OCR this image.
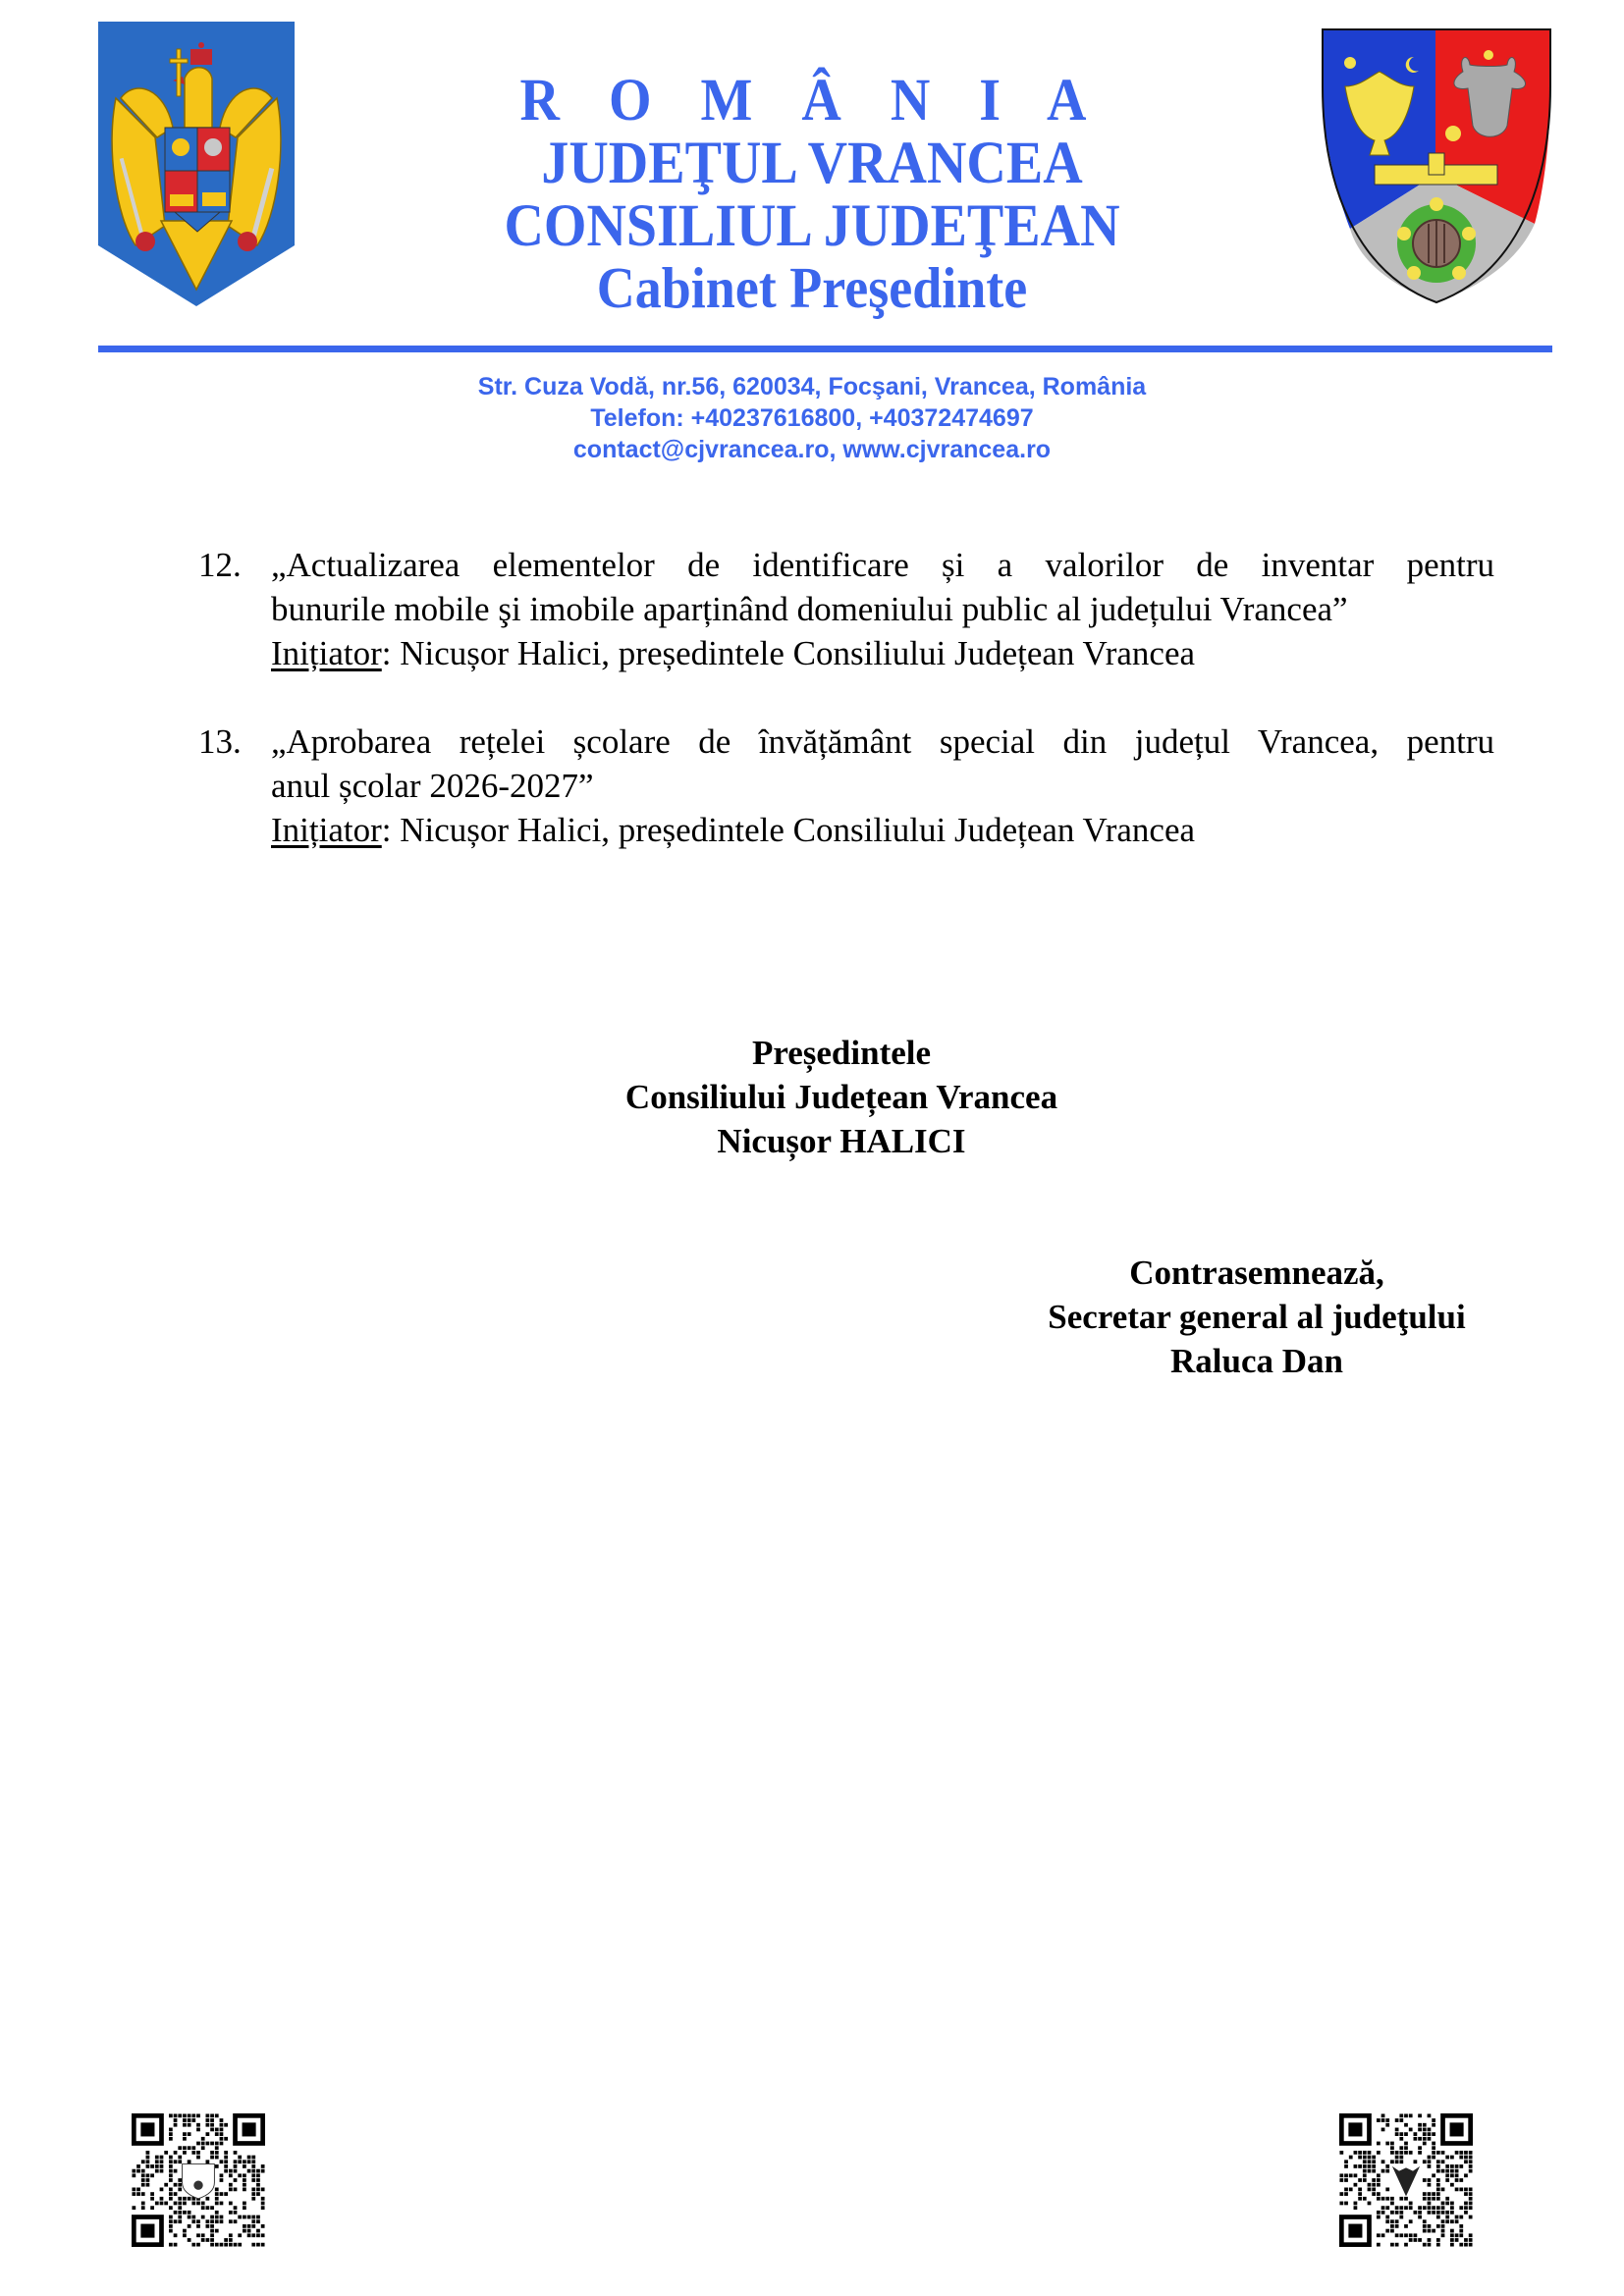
R O M Â N I A
JUDEŢUL VRANCEA
CONSILIUL JUDEŢEAN
Cabinet Preşedinte
Str. Cuza Vodă, nr.56, 620034, Focşani, Vrancea, România
Telefon: +40237616800, +40372474697
contact@cjvrancea.ro, www.cjvrancea.ro
12. „Actualizarea elementelor de identificare și a valorilor de inventar pentru
bunurile mobile şi imobile aparținând domeniului public al județului Vrancea”
Inițiator: Nicușor Halici, președintele Consiliului Județean Vrancea
13. „Aprobarea rețelei școlare de învățământ special din județul Vrancea, pentru
anul școlar 2026-2027”
Inițiator: Nicușor Halici, președintele Consiliului Județean Vrancea
Președintele
Consiliului Județean Vrancea
Nicușor HALICI
Contrasemnează,
Secretar general al judeţului
Raluca Dan
